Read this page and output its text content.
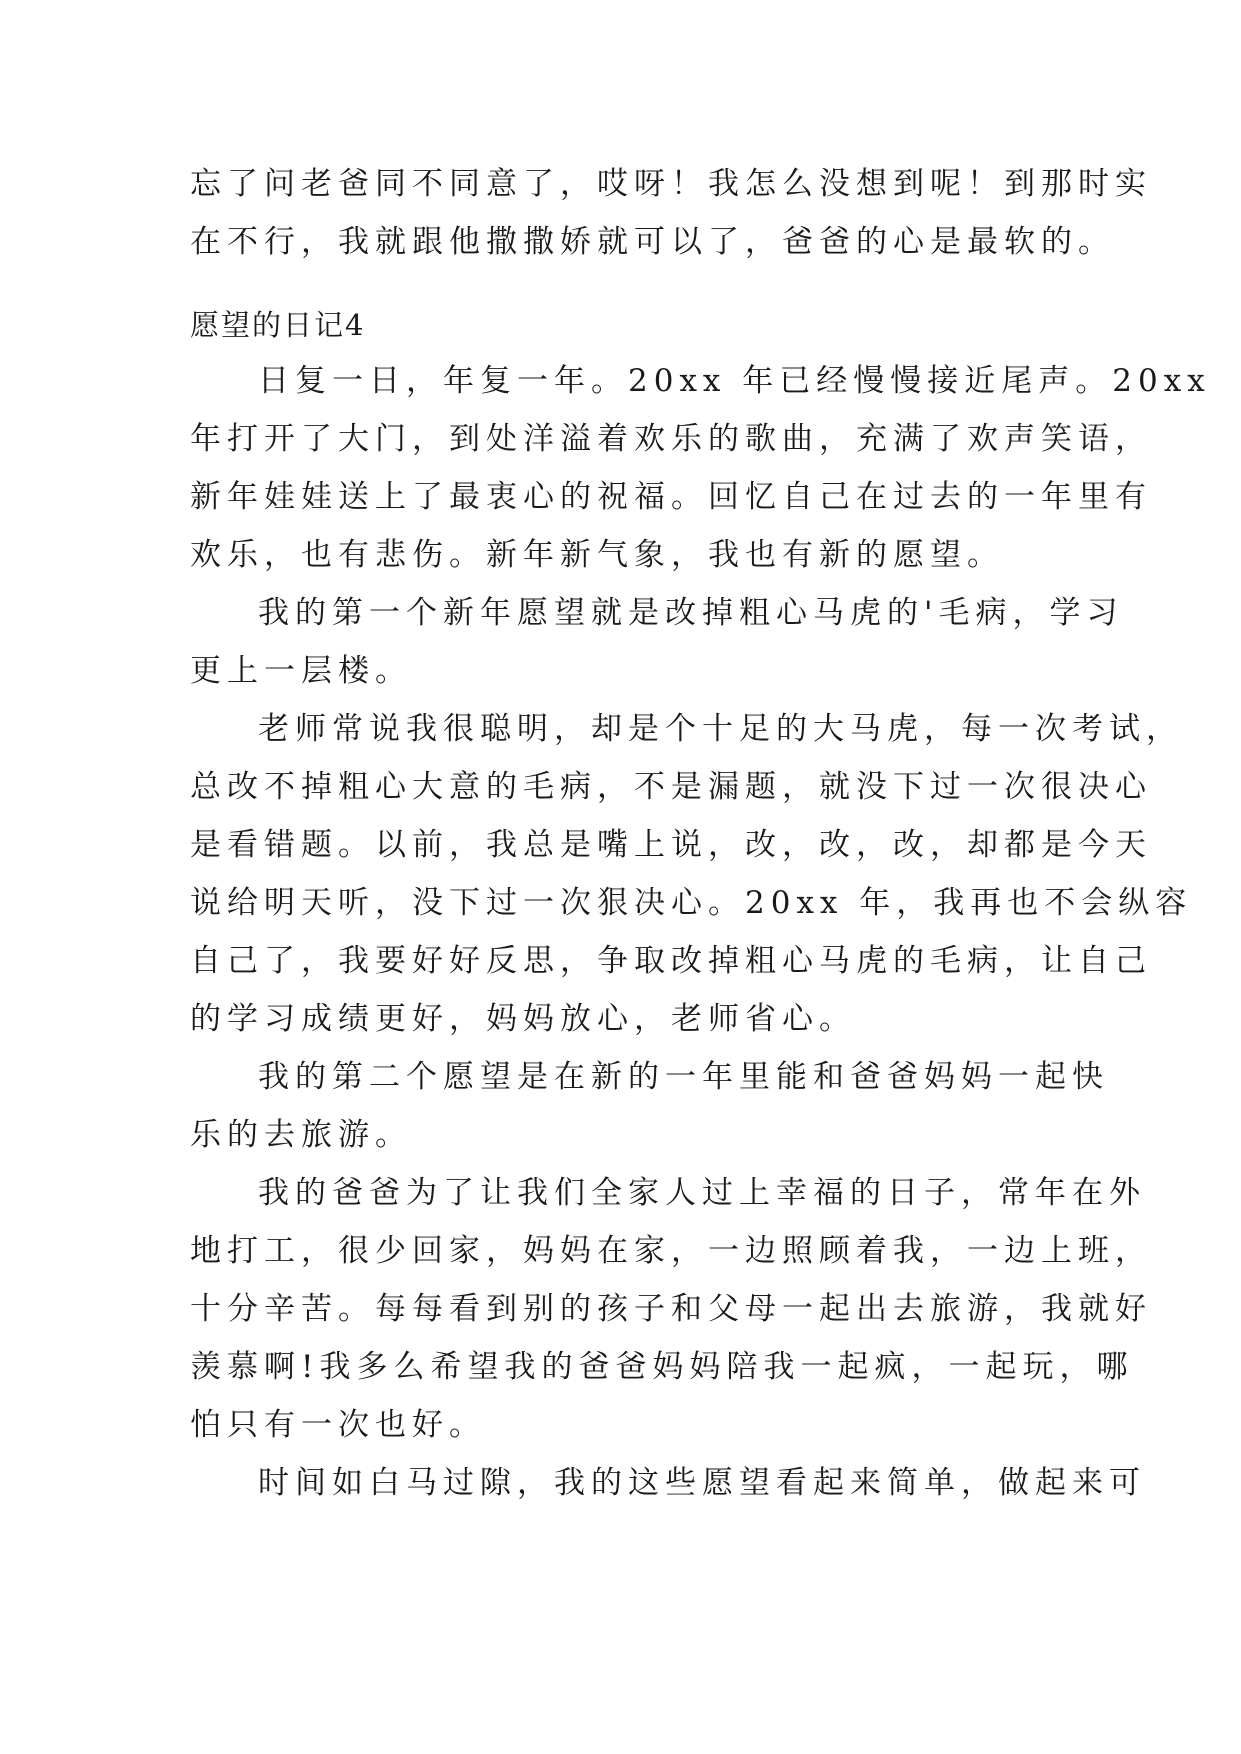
忘了问老爸同不同意了，哎呀！我怎么没想到呢！到那时实
在不行，我就跟他撒撒娇就可以了，爸爸的心是最软的。
愿望的日记4
日复一日，年复一年。20xx 年已经慢慢接近尾声。20xx
年打开了大门，到处洋溢着欢乐的歌曲，充满了欢声笑语，
新年娃娃送上了最衷心的祝福。回忆自己在过去的一年里有
欢乐，也有悲伤。新年新气象，我也有新的愿望。
我的第一个新年愿望就是改掉粗心马虎的'毛病，学习
更上一层楼。
老师常说我很聪明，却是个十足的大马虎，每一次考试，
总改不掉粗心大意的毛病，不是漏题，就没下过一次很决心
是看错题。以前，我总是嘴上说，改，改，改，却都是今天
说给明天听，没下过一次狠决心。20xx 年，我再也不会纵容
自己了，我要好好反思，争取改掉粗心马虎的毛病，让自己
的学习成绩更好，妈妈放心，老师省心。
我的第二个愿望是在新的一年里能和爸爸妈妈一起快
乐的去旅游。
我的爸爸为了让我们全家人过上幸福的日子，常年在外
地打工，很少回家，妈妈在家，一边照顾着我，一边上班，
十分辛苦。每每看到别的孩子和父母一起出去旅游，我就好
羡慕啊!我多么希望我的爸爸妈妈陪我一起疯，一起玩，哪
怕只有一次也好。
时间如白马过隙，我的这些愿望看起来简单，做起来可
